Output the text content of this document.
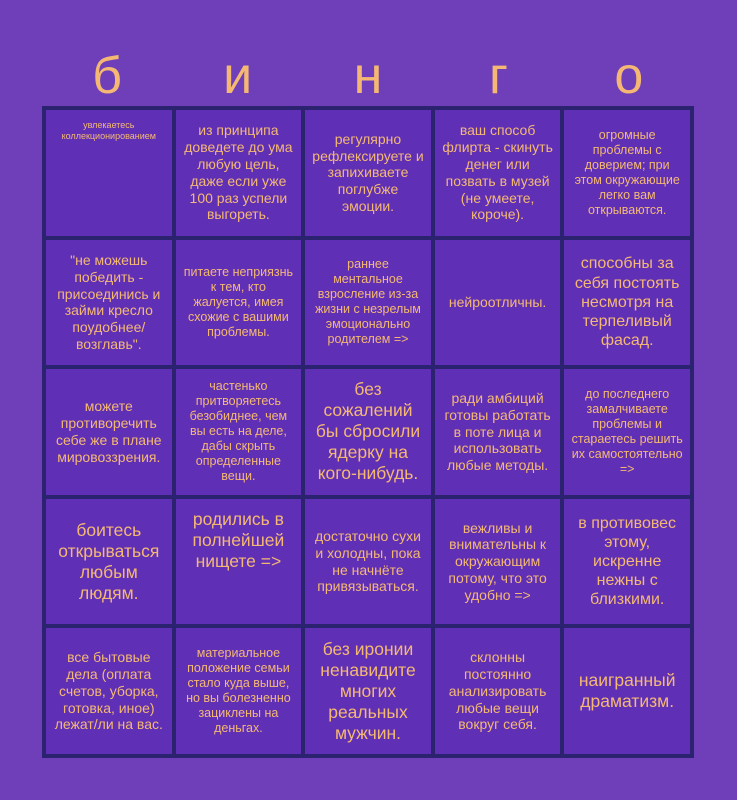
б	и	н	г	о
увлекаетесь коллекционированием	из принципа доведете до ума любую цель, даже если уже 100 раз успели выгореть.
регулярно рефлексируете и запихиваете поглубже эмоции.
ваш способ флирта - скинуть денег или позвать в музей (не умеете, короче).
огромные проблемы с доверием; при этом окружающие легко вам открываются.
"не можешь победить - присоединись и займи кресло поудобнее/ возглавь".
питаете неприязнь к тем, кто жалуется, имея схожие с вашими проблемы.
раннее ментальное взросление из-за жизни с незрелым эмоционально родителем =>
нейроотличны.
способны за себя постоять несмотря на терпеливый фасад.
можете противоречить себе же в плане мировоззрения.
частенько притворяетесь безобиднее, чем вы есть на деле, дабы скрыть определенные вещи.
без сожалений бы сбросили ядерку на кого-нибудь.
ради амбиций готовы работать в поте лица и использовать любые методы.
до последнего замалчиваете проблемы и стараетесь решить их самостоятельно =>
боитесь открываться любым людям.
родились в полнейшей нищете =>
достаточно сухи и холодны, пока не начнёте привязываться.
вежливы и внимательны к окружающим потому, что это удобно =>
в противовес этому, искренне нежны с близкими.
все бытовые дела (оплата счетов, уборка, готовка, иное) лежат/ли на вас.
материальное положение семьи стало куда выше, но вы болезненно зациклены на деньгах.
без иронии ненавидите многих реальных мужчин.
склонны постоянно анализировать любые вещи вокруг себя.
наигранный драматизм.
